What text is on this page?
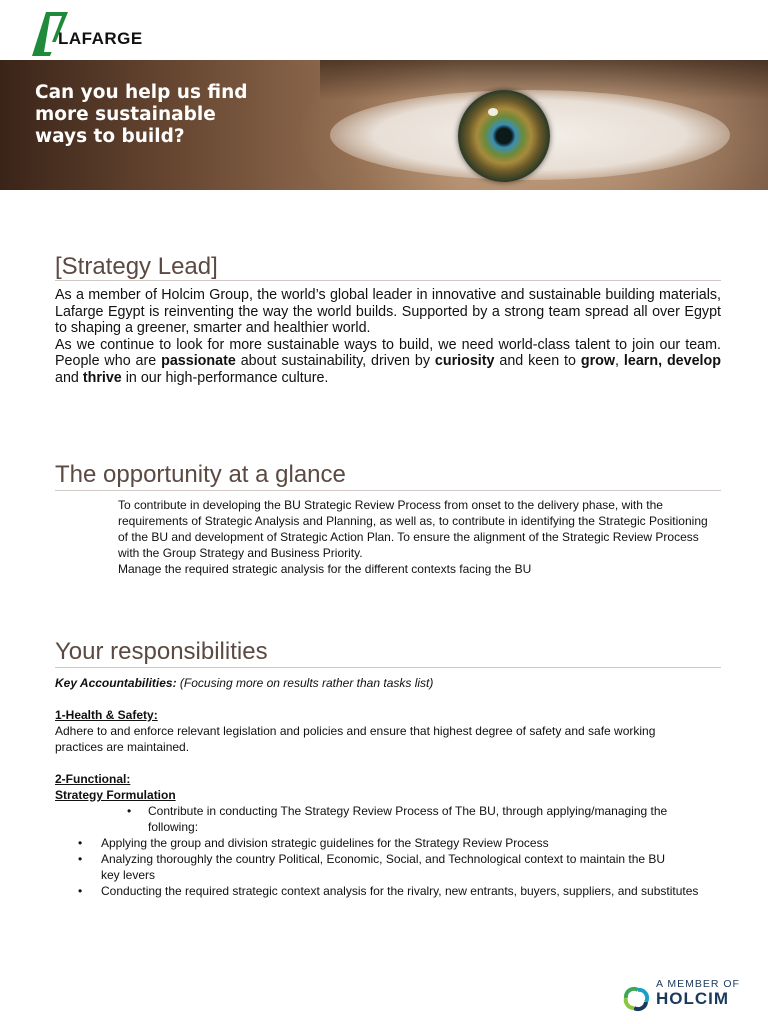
LAFARGE
Can you help us find
more sustainable
ways to build?
[Strategy Lead]

As a member of Holcim Group, the world’s global leader in innovative and sustainable building materials, Lafarge Egypt is reinventing the way the world builds. Supported by a strong team spread all over Egypt to shaping a greener, smarter and healthier world.

As we continue to look for more sustainable ways to build, we need world-class talent to join our team. People who are passionate about sustainability, driven by curiosity and keen to grow, learn, develop and thrive in our high-performance culture.

The opportunity at a glance

To contribute in developing the BU Strategic Review Process from onset to the delivery phase, with the requirements of Strategic Analysis and Planning, as well as, to contribute in identifying the Strategic Positioning of the BU and development of Strategic Action Plan. To ensure the alignment of the Strategic Review Process with the Group Strategy and Business Priority.

Manage the required strategic analysis for the different contexts facing the BU

Your responsibilities

Key Accountabilities: (Focusing more on results rather than tasks list)

1-Health & Safety:

Adhere to and enforce relevant legislation and policies and ensure that highest degree of safety and safe working practices are maintained.

2-Functional:

Strategy Formulation

• Contribute in conducting The Strategy Review Process of The BU, through applying/managing the following:
• Applying the group and division strategic guidelines for the Strategy Review Process
• Analyzing thoroughly the country Political, Economic, Social, and Technological context to maintain the BU key levers
• Conducting the required strategic context analysis for the rivalry, new entrants, buyers, suppliers, and substitutes
A MEMBER OF
HOLCIM
